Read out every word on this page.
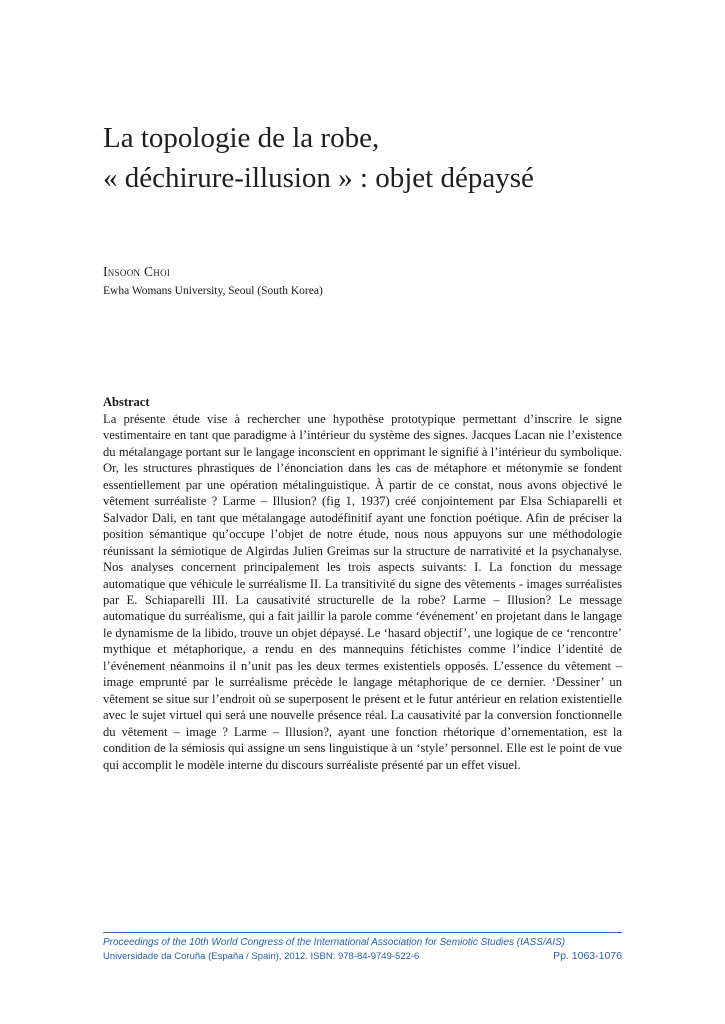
La topologie de la robe,
« déchirure-illusion » : objet dépaysé
Insoon Choi
Ewha Womans University, Seoul (South Korea)
Abstract

La présente étude vise à rechercher une hypothèse prototypique permettant d’inscrire le signe vestimentaire en tant que paradigme à l’intérieur du système des signes. Jacques Lacan nie l’existence du métalangage portant sur le langage inconscient en opprimant le signifié à l’intérieur du symbolique. Or, les structures phrastiques de l’énonciation dans les cas de métaphore et métonymie se fondent essentiellement par une opération métalinguistique. À partir de ce constat, nous avons objectivé le vêtement surréaliste ? Larme – Illusion? (fig 1, 1937) créé conjointement par Elsa Schiaparelli et Salvador Dali, en tant que métalangage autodéfinitif ayant une fonction poétique. Afin de préciser la position sémantique qu’occupe l’objet de notre étude, nous nous appuyons sur une méthodologie réunissant la sémiotique de Algirdas Julien Greimas sur la structure de narrativité et la psychanalyse. Nos analyses concernent principalement les trois aspects suivants: I. La fonction du message automatique que véhicule le surréalisme II. La transitivité du signe des vêtements - images surréalistes par E. Schiaparelli III. La causativité structurelle de la robe? Larme – Illusion? Le message automatique du surréalisme, qui a fait jaillir la parole comme ‘événement’ en projetant dans le langage le dynamisme de la libido, trouve un objet dépaysé. Le ‘hasard objectif’, une logique de ce ‘rencontre’ mythique et métaphorique, a rendu en des mannequins fétichistes comme l’indice l’identité de l’événement néanmoins il n’unit pas les deux termes existentiels opposés. L’essence du vêtement – image emprunté par le surréalisme précède le langage métaphorique de ce dernier. ‘Dessiner’ un vêtement se situe sur l’endroit où se superposent le présent et le futur antérieur en relation existentielle avec le sujet virtuel qui será une nouvelle présence réal. La causativité par la conversion fonctionnelle du vêtement – image ? Larme – Illusion?, ayant une fonction rhétorique d’ornementation, est la condition de la sémiosis qui assigne un sens linguistique à un ‘style’ personnel. Elle est le point de vue qui accomplit le modèle interne du discours surréaliste présenté par un effet visuel.

Proceedings of the 10th World Congress of the International Association for Semiotic Studies (IASS/AIS)
Universidade da Coruña (España / Spain), 2012. ISBN: 978-84-9749-522-6	Pp. 1063-1076
